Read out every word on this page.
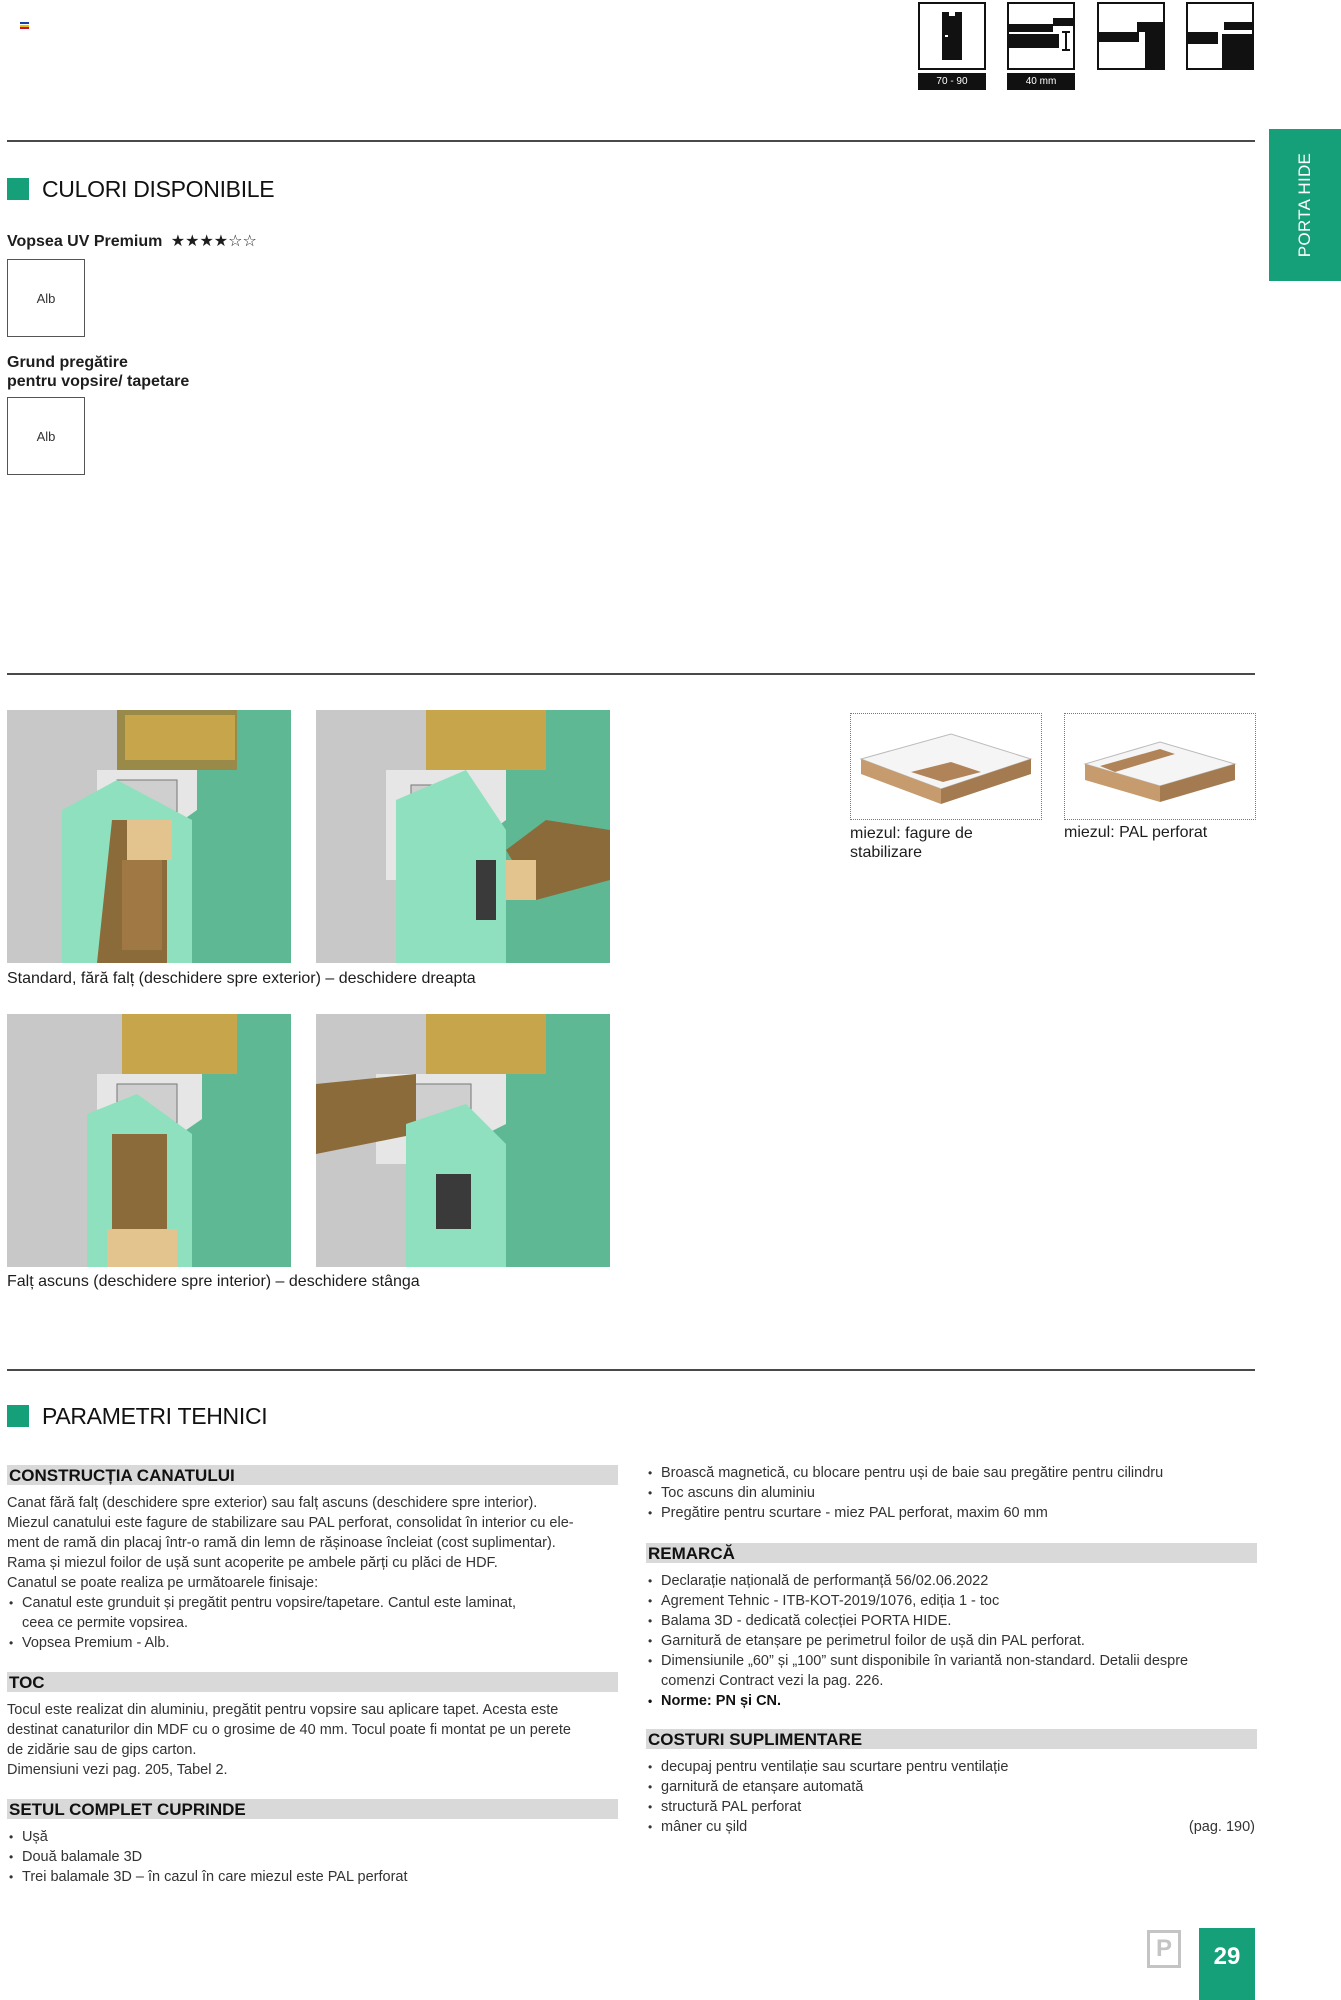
70 - 90	40 mm
PORTA HIDE
CULORI DISPONIBILE
Vopsea UV Premium ★★★★☆☆
Alb
Grund pregătire
pentru vopsire/ tapetare
Alb
miezul: fagure de
stabilizare
miezul: PAL perforat
Standard, fără falț (deschidere spre exterior) – deschidere dreapta
Falț ascuns (deschidere spre interior) – deschidere stânga
PARAMETRI TEHNICI
CONSTRUCȚIA CANATULUI

Canat fără falț (deschidere spre exterior) sau falț ascuns (deschidere spre interior).

Miezul canatului este fagure de stabilizare sau PAL perforat, consolidat în interior cu ele-

ment de ramă din placaj într-o ramă din lemn de rășinoase încleiat (cost suplimentar).

Rama și miezul foilor de ușă sunt acoperite pe ambele părți cu plăci de HDF.

Canatul se poate realiza pe următoarele finisaje:

• Canatul este grunduit și pregătit pentru vopsire/tapetare. Cantul este laminat,
ceea ce permite vopsirea.
• Vopsea Premium - Alb.
TOC

Tocul este realizat din aluminiu, pregătit pentru vopsire sau aplicare tapet. Acesta este

destinat canaturilor din MDF cu o grosime de 40 mm. Tocul poate fi montat pe un perete

de zidărie sau de gips carton.

Dimensiuni vezi pag. 205, Tabel 2.

SETUL COMPLET CUPRINDE
• Ușă
• Două balamale 3D
• Trei balamale 3D – în cazul în care miezul este PAL perforat
• Broască magnetică, cu blocare pentru uși de baie sau pregătire pentru cilindru
• Toc ascuns din aluminiu
• Pregătire pentru scurtare - miez PAL perforat, maxim 60 mm
REMARCĂ
• Declarație națională de performanță 56/02.06.2022
• Agrement Tehnic - ITB-KOT-2019/1076, ediția 1 - toc
• Balama 3D - dedicată colecției PORTA HIDE.
• Garnitură de etanșare pe perimetrul foilor de ușă din PAL perforat.
• Dimensiunile „60” și „100” sunt disponibile în variantă non-standard. Detalii despre
comenzi Contract vezi la pag. 226.
• Norme: PN și CN.
COSTURI SUPLIMENTARE
• decupaj pentru ventilație sau scurtare pentru ventilație
• garnitură de etanșare automată
• structură PAL perforat
• mâner cu șild	(pag. 190)
P	29
